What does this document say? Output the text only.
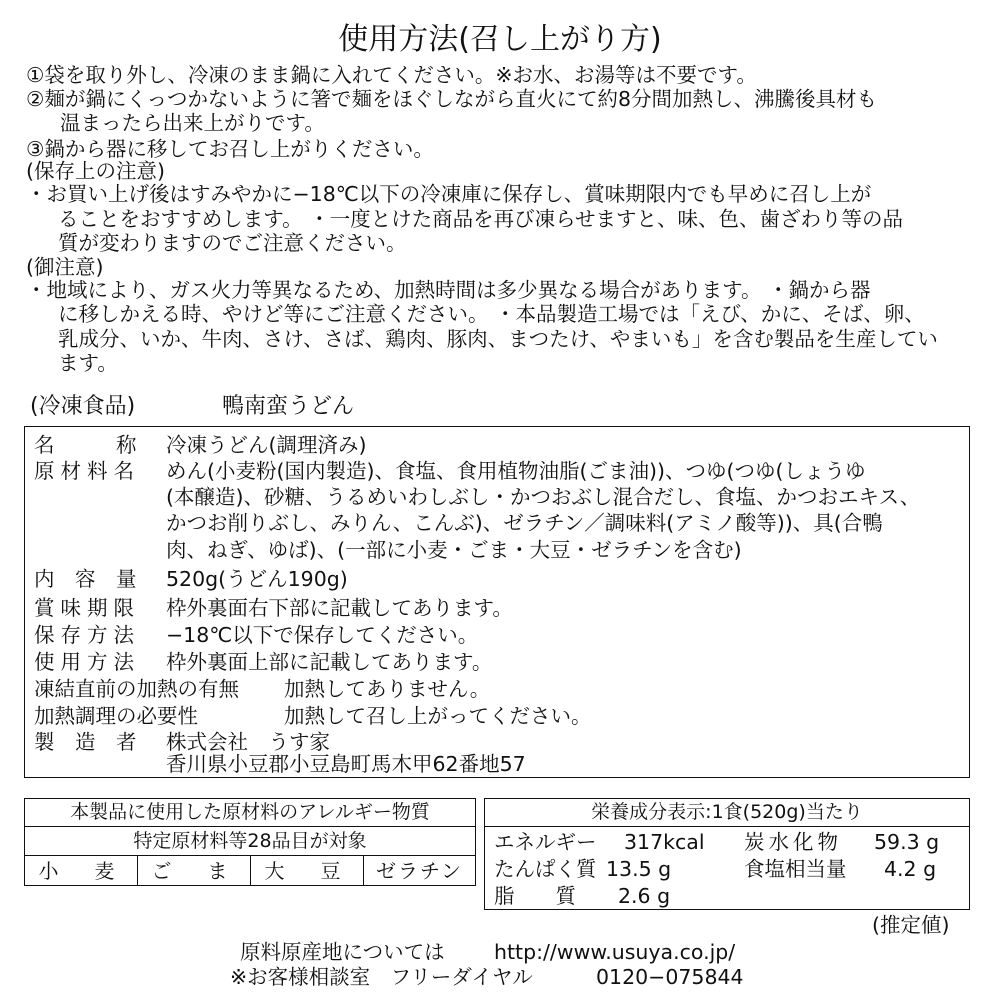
使用方法(召し上がり方)
①袋を取り外し、冷凍のまま鍋に入れてください。※お水、お湯等は不要です。
②麺が鍋にくっつかないように箸で麺をほぐしながら直火にて約8分間加熱し、沸騰後具材も
温まったら出来上がりです。
③鍋から器に移してお召し上がりください。
(保存上の注意)
・お買い上げ後はすみやかに−18℃以下の冷凍庫に保存し、賞味期限内でも早めに召し上が
ることをおすすめします。 ・一度とけた商品を再び凍らせますと、味、色、歯ざわり等の品
質が変わりますのでご注意ください。
(御注意)
・地域により、ガス火力等異なるため、加熱時間は多少異なる場合があります。 ・鍋から器
に移しかえる時、やけど等にご注意ください。 ・本品製造工場では「えび、かに、そば、卵、
乳成分、いか、牛肉、さけ、さば、鶏肉、豚肉、まつたけ、やまいも」を含む製品を生産してい
ます。
(冷凍食品)	鴨南蛮うどん
名　　　称 冷凍うどん(調理済み)
原材料名 めん(小麦粉(国内製造)、食塩、食用植物油脂(ごま油))、つゆ(つゆ(しょうゆ
(本醸造)、砂糖、うるめいわしぶし・かつおぶし混合だし、食塩、かつおエキス、
かつお削りぶし、みりん、こんぶ)、ゼラチン／調味料(アミノ酸等))、具(合鴨
肉、ねぎ、ゆば)、(一部に小麦・ごま・大豆・ゼラチンを含む)
内　容　量 520g(うどん190g)
賞味期限 枠外裏面右下部に記載してあります。
保存方法 −18℃以下で保存してください。
使用方法 枠外裏面上部に記載してあります。
凍結直前の加熱の有無 加熱してありません。
加熱調理の必要性	加熱して召し上がってください。
製　造　者 株式会社　うす家
香川県小豆郡小豆島町馬木甲62番地57
本製品に使用した原材料のアレルギー物質
特定原材料等28品目が対象
小　麦	ご　ま	大　豆	ゼラチン
栄養成分表示:1食(520g)当たり
エネルギー 317kcal 炭水化物 59.3 g
たんぱく質 13.5 g	食塩相当量 4.2 g
脂　　質 2.6 g
(推定値)
原料原産地については http://www.usuya.co.jp/
※お客様相談室　フリーダイヤル	0120−075844
